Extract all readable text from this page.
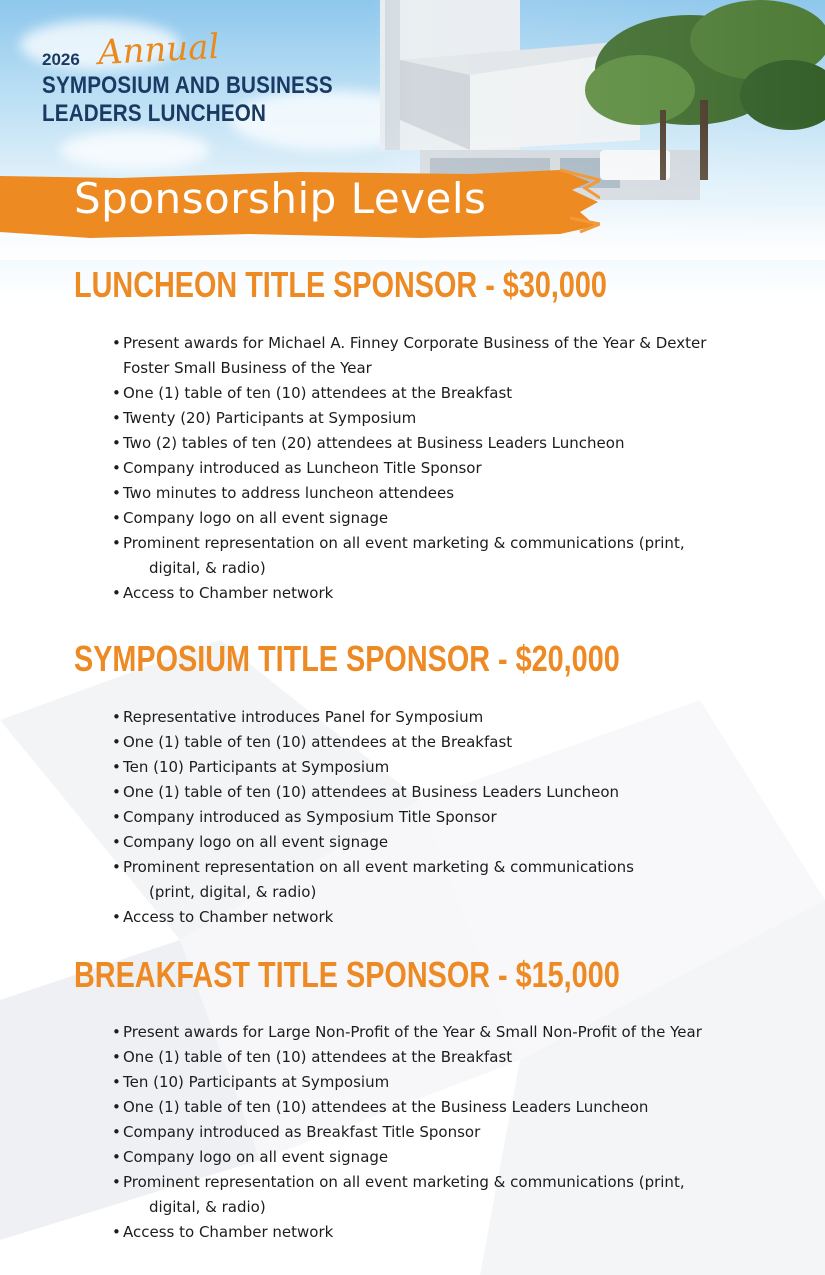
2026 Annual
SYMPOSIUM AND BUSINESS
LEADERS LUNCHEON
Sponsorship Levels
LUNCHEON TITLE SPONSOR - $30,000
• Present awards for Michael A. Finney Corporate Business of the Year & Dexter
Foster Small Business of the Year
• One (1) table of ten (10) attendees at the Breakfast
• Twenty (20) Participants at Symposium
• Two (2) tables of ten (20) attendees at Business Leaders Luncheon
• Company introduced as Luncheon Title Sponsor
• Two minutes to address luncheon attendees
• Company logo on all event signage
• Prominent representation on all event marketing & communications (print,
digital, & radio)
• Access to Chamber network
SYMPOSIUM TITLE SPONSOR - $20,000
• Representative introduces Panel for Symposium
• One (1) table of ten (10) attendees at the Breakfast
• Ten (10) Participants at Symposium
• One (1) table of ten (10) attendees at Business Leaders Luncheon
• Company introduced as Symposium Title Sponsor
• Company logo on all event signage
• Prominent representation on all event marketing & communications
(print, digital, & radio)
• Access to Chamber network
BREAKFAST TITLE SPONSOR - $15,000
• Present awards for Large Non-Profit of the Year & Small Non-Profit of the Year
• One (1) table of ten (10) attendees at the Breakfast
• Ten (10) Participants at Symposium
• One (1) table of ten (10) attendees at the Business Leaders Luncheon
• Company introduced as Breakfast Title Sponsor
• Company logo on all event signage
• Prominent representation on all event marketing & communications (print,
digital, & radio)
• Access to Chamber network
